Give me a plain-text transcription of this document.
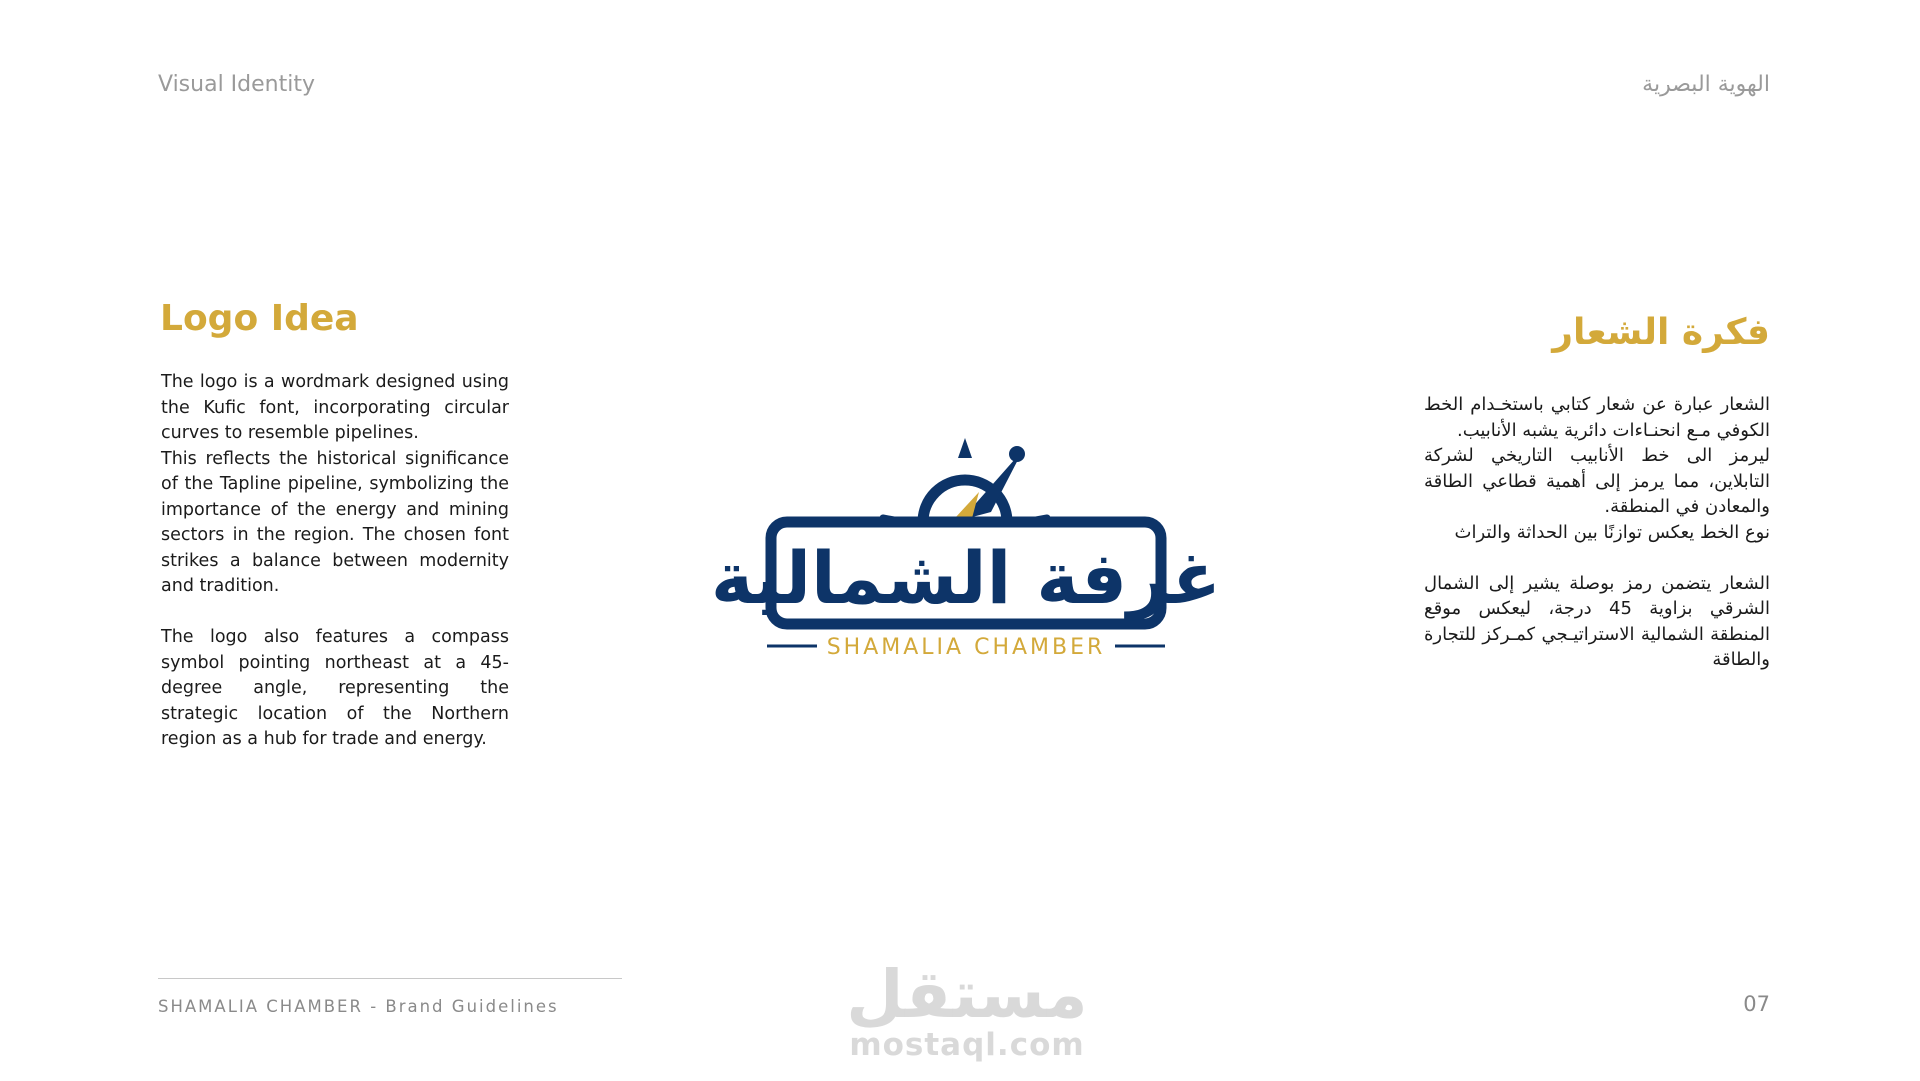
Visual Identity	الهوية البصرية
Logo Idea

The logo is a wordmark designed using the Kufic font, incorporating circular curves to resemble pipelines.

This reflects the historical significance of the Tapline pipeline, symbolizing the importance of the energy and mining sectors in the region. The chosen font strikes a balance between modernity and tradition.

The logo also features a compass symbol pointing northeast at a 45-degree angle, representing the strategic location of the Northern region as a hub for trade and energy.

غرفة الشمالية
SHAMALIA CHAMBER
فكرة الشعار

الشعار عبارة عن شعار كتابي باستخـدام الخط الكوفي مـع انحنـاءات دائرية يشبه الأنابيب.

ليرمز الى خط الأنابيب التاريخي لشركة التابلاين، مما يرمز إلى أهمية قطاعي الطاقة والمعادن في المنطقة.

نوع الخط يعكس توازنًا بين الحداثة والتراث

الشعار يتضمن رمز بوصلة يشير إلى الشمال الشرقي بزاوية 45 درجة، ليعكس موقع المنطقة الشمالية الاستراتيـجي كمـركز للتجارة والطاقة

SHAMALIA CHAMBER - Brand Guidelines	07
مستقل
mostaql.com
